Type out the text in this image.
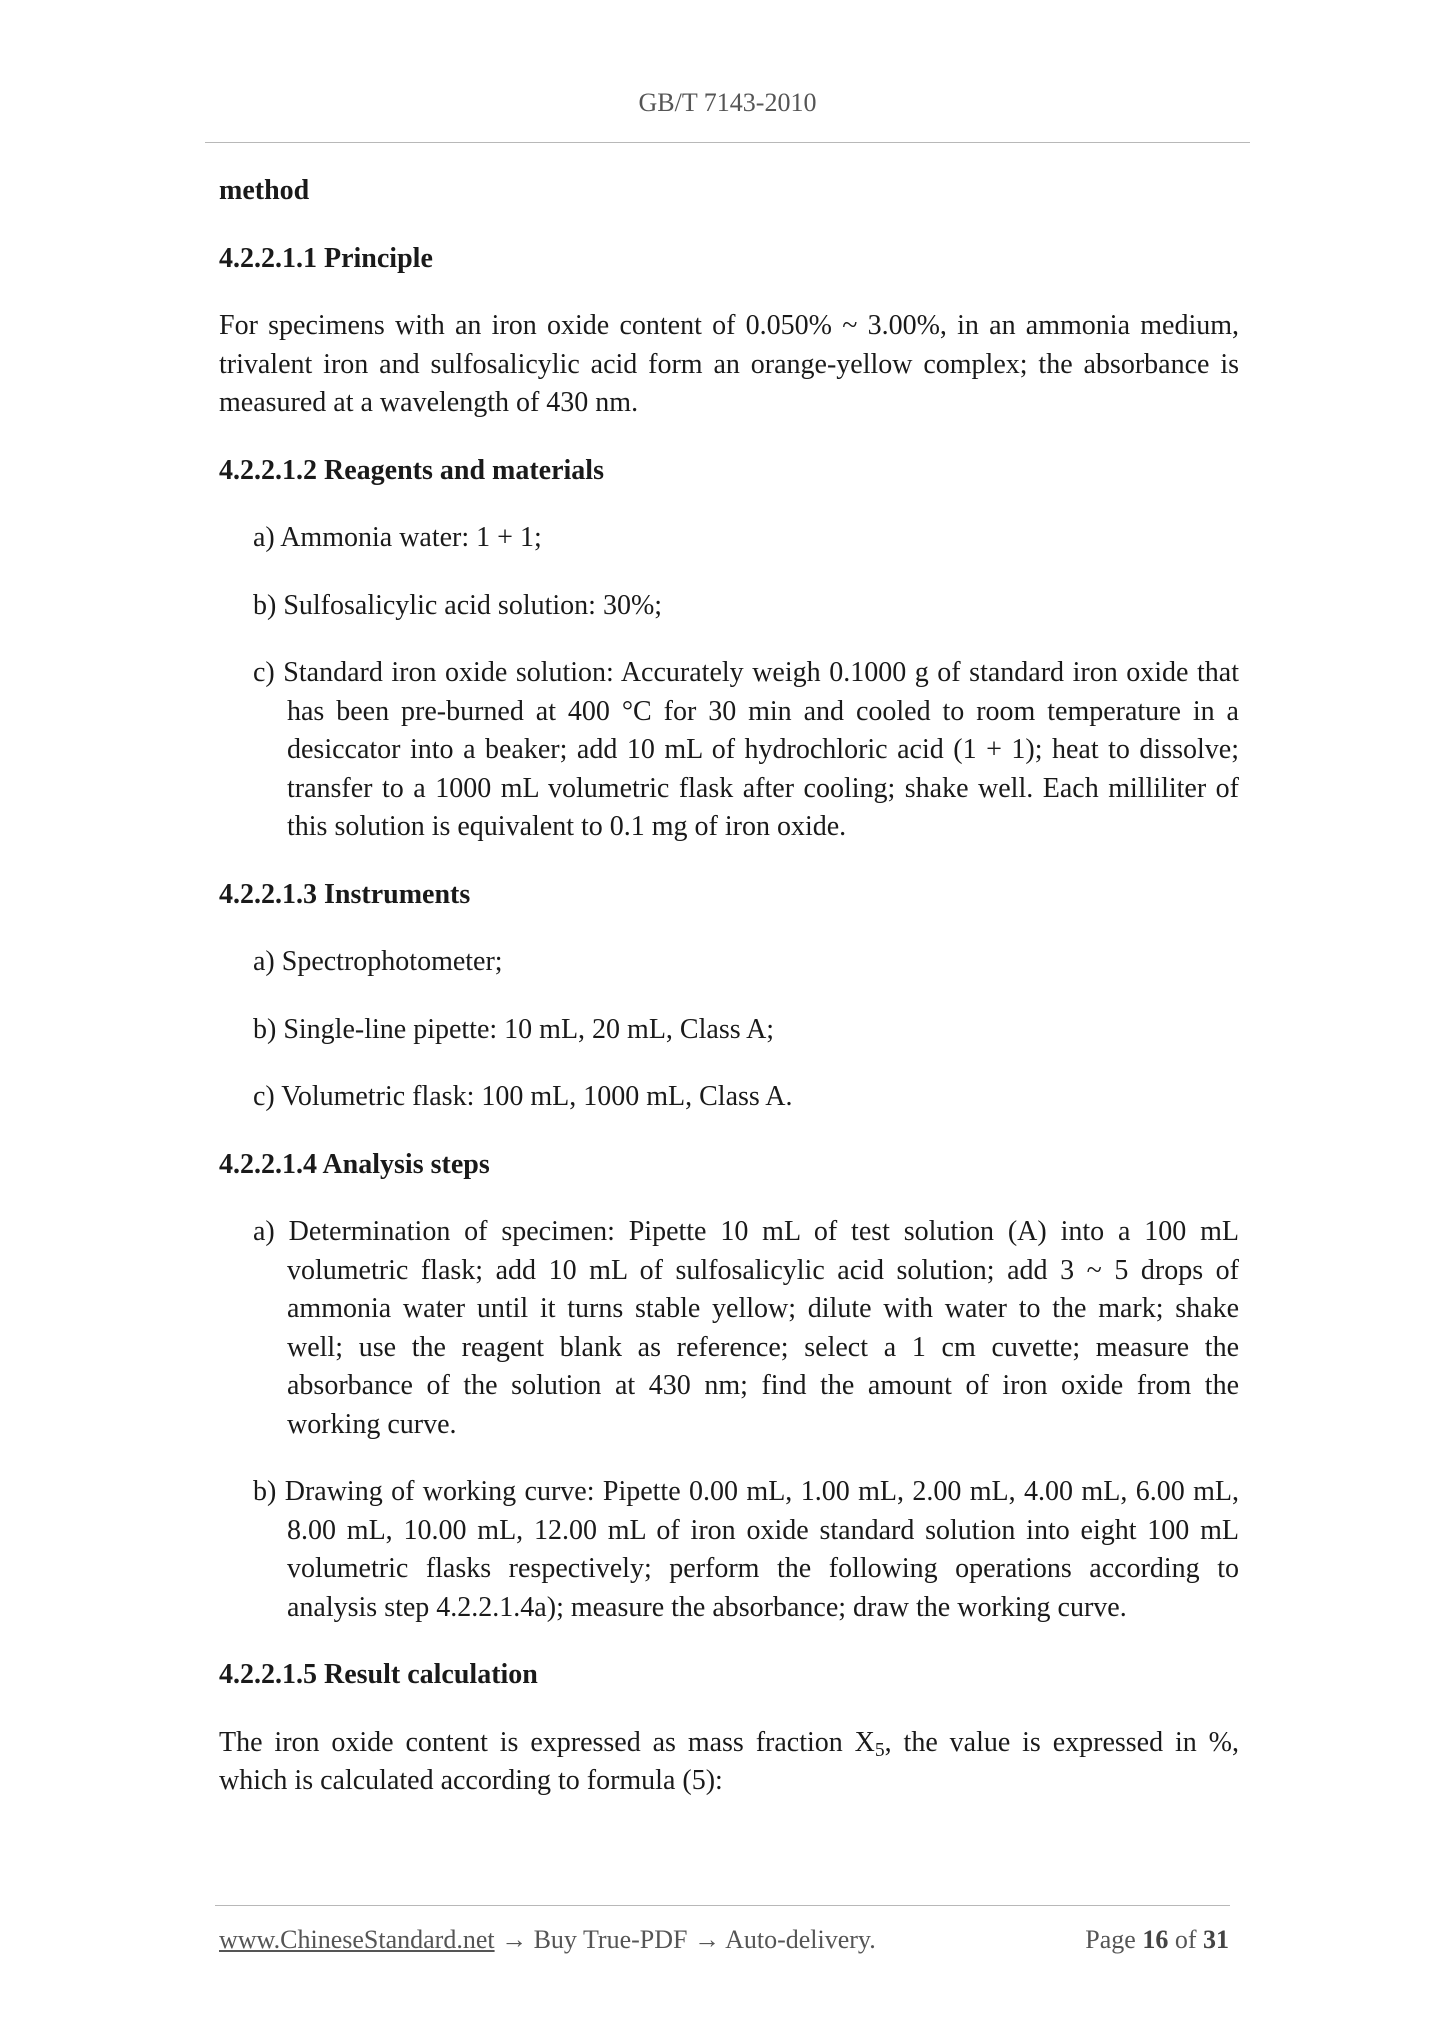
GB/T 7143-2010
method
4.2.2.1.1 Principle
For specimens with an iron oxide content of 0.050% ~ 3.00%, in an ammonia medium, trivalent iron and sulfosalicylic acid form an orange-yellow complex; the absorbance is measured at a wavelength of 430 nm.
4.2.2.1.2 Reagents and materials
a) Ammonia water: 1 + 1;
b) Sulfosalicylic acid solution: 30%;
c) Standard iron oxide solution: Accurately weigh 0.1000 g of standard iron oxide that has been pre-burned at 400 °C for 30 min and cooled to room temperature in a desiccator into a beaker; add 10 mL of hydrochloric acid (1 + 1); heat to dissolve; transfer to a 1000 mL volumetric flask after cooling; shake well. Each milliliter of this solution is equivalent to 0.1 mg of iron oxide.
4.2.2.1.3 Instruments
a) Spectrophotometer;
b) Single-line pipette: 10 mL, 20 mL, Class A;
c) Volumetric flask: 100 mL, 1000 mL, Class A.
4.2.2.1.4 Analysis steps
a) Determination of specimen: Pipette 10 mL of test solution (A) into a 100 mL volumetric flask; add 10 mL of sulfosalicylic acid solution; add 3 ~ 5 drops of ammonia water until it turns stable yellow; dilute with water to the mark; shake well; use the reagent blank as reference; select a 1 cm cuvette; measure the absorbance of the solution at 430 nm; find the amount of iron oxide from the working curve.
b) Drawing of working curve: Pipette 0.00 mL, 1.00 mL, 2.00 mL, 4.00 mL, 6.00 mL, 8.00 mL, 10.00 mL, 12.00 mL of iron oxide standard solution into eight 100 mL volumetric flasks respectively; perform the following operations according to analysis step 4.2.2.1.4a); measure the absorbance; draw the working curve.
4.2.2.1.5 Result calculation
The iron oxide content is expressed as mass fraction $X_5$, the value is expressed in %, which is calculated according to formula (5):
www.ChineseStandard.net → Buy True-PDF → Auto-delivery.	Page 16 of 31
